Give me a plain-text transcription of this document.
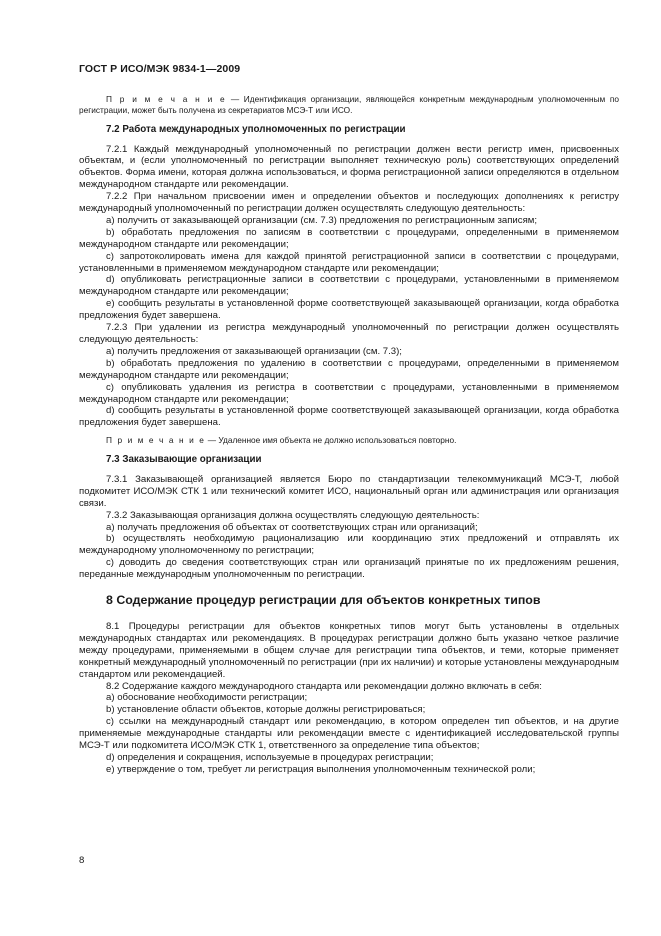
ГОСТ Р ИСО/МЭК 9834-1—2009

П р и м е ч а н и е — Идентификация организации, являющейся конкретным международным уполномоченным по регистрации, может быть получена из секретариатов МСЭ-Т или ИСО.

7.2 Работа международных уполномоченных по регистрации

7.2.1 Каждый международный уполномоченный по регистрации должен вести регистр имен, присвоенных объектам, и (если уполномоченный по регистрации выполняет техническую роль) соответствующих определений объектов. Форма имени, которая должна использоваться, и форма регистрационной записи определяются в отдельном международном стандарте или рекомендации.

7.2.2 При начальном присвоении имен и определении объектов и последующих дополнениях к регистру международный уполномоченный по регистрации должен осуществлять следующую деятельность:

a) получить от заказывающей организации (см. 7.3) предложения по регистрационным записям;

b) обработать предложения по записям в соответствии с процедурами, определенными в применяемом международном стандарте или рекомендации;

c) запротоколировать имена для каждой принятой регистрационной записи в соответствии с процедурами, установленными в применяемом международном стандарте или рекомендации;

d) опубликовать регистрационные записи в соответствии с процедурами, установленными в применяемом международном стандарте или рекомендации;

e) сообщить результаты в установленной форме соответствующей заказывающей организации, когда обработка предложения будет завершена.

7.2.3 При удалении из регистра международный уполномоченный по регистрации должен осуществлять следующую деятельность:

a) получить предложения от заказывающей организации (см. 7.3);

b) обработать предложения по удалению в соответствии с процедурами, определенными в применяемом международном стандарте или рекомендации;

c) опубликовать удаления из регистра в соответствии с процедурами, установленными в применяемом международном стандарте или рекомендации;

d) сообщить результаты в установленной форме соответствующей заказывающей организации, когда обработка предложения будет завершена.

П р и м е ч а н и е — Удаленное имя объекта не должно использоваться повторно.

7.3 Заказывающие организации

7.3.1 Заказывающей организацией является Бюро по стандартизации телекоммуникаций МСЭ-Т, любой подкомитет ИСО/МЭК СТК 1 или технический комитет ИСО, национальный орган или администрация или организация связи.

7.3.2 Заказывающая организация должна осуществлять следующую деятельность:

a) получать предложения об объектах от соответствующих стран или организаций;

b) осуществлять необходимую рационализацию или координацию этих предложений и отправлять их международному уполномоченному по регистрации;

c) доводить до сведения соответствующих стран или организаций принятые по их предложениям решения, переданные международным уполномоченным по регистрации.

8 Содержание процедур регистрации для объектов конкретных типов

8.1 Процедуры регистрации для объектов конкретных типов могут быть установлены в отдельных международных стандартах или рекомендациях. В процедурах регистрации должно быть указано четкое различие между процедурами, применяемыми в общем случае для регистрации типа объектов, и теми, которые применяет конкретный международный уполномоченный по регистрации (при их наличии) и которые установлены международным стандартом или рекомендацией.

8.2 Содержание каждого международного стандарта или рекомендации должно включать в себя:

a) обоснование необходимости регистрации;

b) установление области объектов, которые должны регистрироваться;

c) ссылки на международный стандарт или рекомендацию, в котором определен тип объектов, и на другие применяемые международные стандарты или рекомендации вместе с идентификацией исследовательской группы МСЭ-Т или подкомитета ИСО/МЭК СТК 1, ответственного за определение типа объектов;

d) определения и сокращения, используемые в процедурах регистрации;

e) утверждение о том, требует ли регистрация выполнения уполномоченным технической роли;

8
